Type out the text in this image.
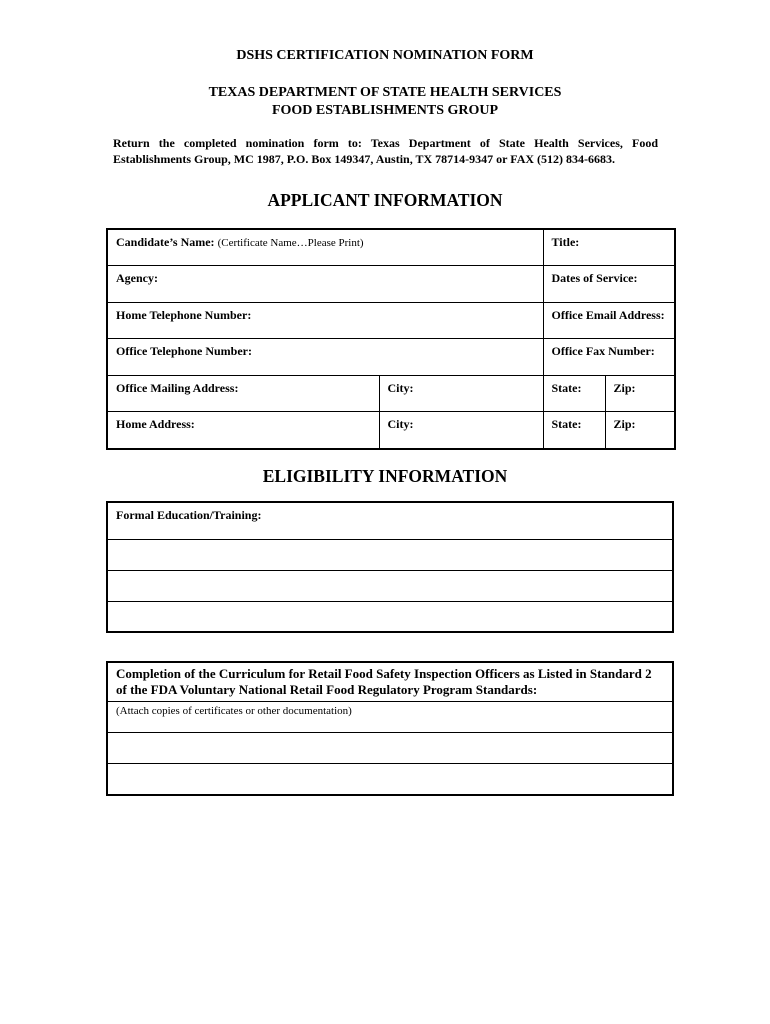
DSHS CERTIFICATION NOMINATION FORM
TEXAS DEPARTMENT OF STATE HEALTH SERVICES
FOOD ESTABLISHMENTS GROUP
Return the completed nomination form to: Texas Department of State Health Services, Food Establishments Group, MC 1987, P.O. Box 149347, Austin, TX 78714-9347 or FAX (512) 834-6683.
APPLICANT INFORMATION
Candidate’s Name: (Certificate Name…Please Print)		Title:	
Agency:		Dates of Service:	
Home Telephone Number:		Office Email Address:	
Office Telephone Number:		Office Fax Number:	
Office Mailing Address:	City:	State:	Zip:
Home Address:	City:	State:	Zip:
ELIGIBILITY INFORMATION
Formal Education/Training:

Completion of the Curriculum for Retail Food Safety Inspection Officers as Listed in Standard 2 of the FDA Voluntary National Retail Food Regulatory Program Standards:
(Attach copies of certificates or other documentation)
